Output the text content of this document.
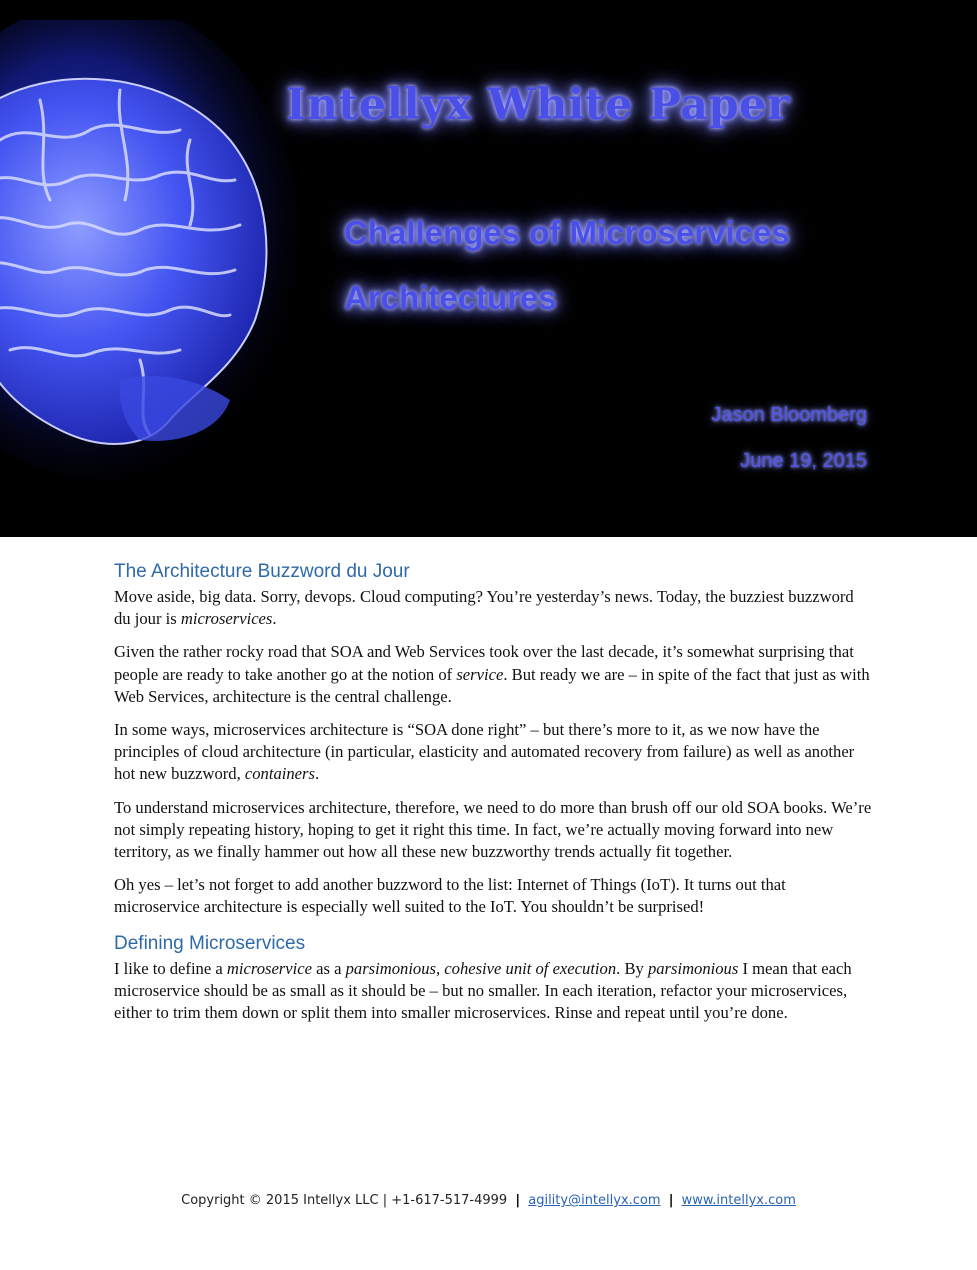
Intellyx White Paper
Challenges of Microservices
Architectures

Jason Bloomberg

June 19, 2015

The Architecture Buzzword du Jour

Move aside, big data. Sorry, devops. Cloud computing? You’re yesterday’s news. Today, the buzziest buzzword du jour is microservices.

Given the rather rocky road that SOA and Web Services took over the last decade, it’s somewhat surprising that people are ready to take another go at the notion of service. But ready we are – in spite of the fact that just as with Web Services, architecture is the central challenge.

In some ways, microservices architecture is “SOA done right” – but there’s more to it, as we now have the principles of cloud architecture (in particular, elasticity and automated recovery from failure) as well as another hot new buzzword, containers.

To understand microservices architecture, therefore, we need to do more than brush off our old SOA books. We’re not simply repeating history, hoping to get it right this time. In fact, we’re actually moving forward into new territory, as we finally hammer out how all these new buzzworthy trends actually fit together.

Oh yes – let’s not forget to add another buzzword to the list: Internet of Things (IoT). It turns out that microservice architecture is especially well suited to the IoT. You shouldn’t be surprised!

Defining Microservices

I like to define a microservice as a parsimonious, cohesive unit of execution. By parsimonious I mean that each microservice should be as small as it should be – but no smaller. In each iteration, refactor your microservices, either to trim them down or split them into smaller microservices. Rinse and repeat until you’re done.

Copyright © 2015 Intellyx LLC | +1-617-517-4999 | agility@intellyx.com | www.intellyx.com
